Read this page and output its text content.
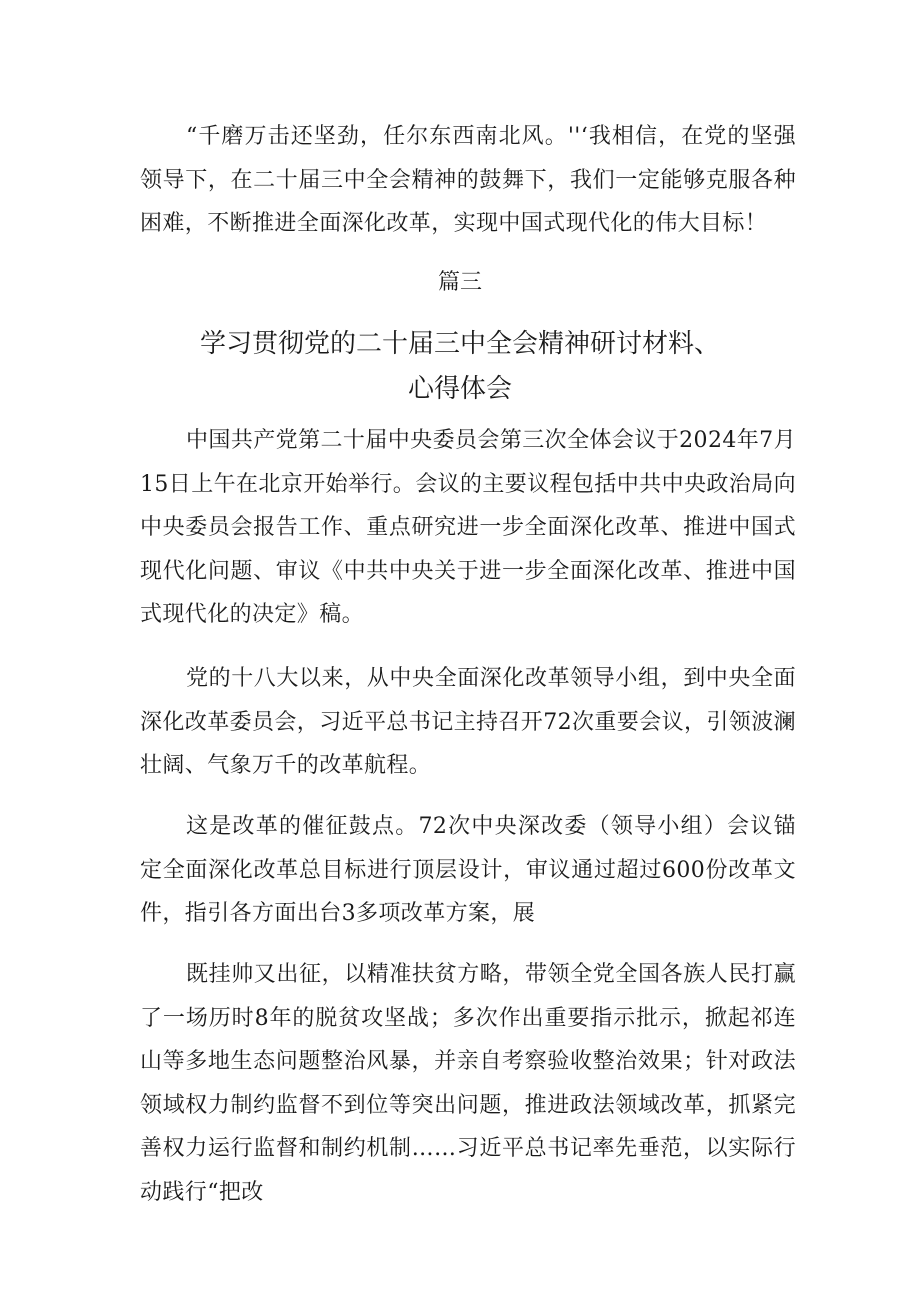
“千磨万击还坚劲，任尔东西南北风。''‘我相信，在党的坚强领导下，在二十届三中全会精神的鼓舞下，我们一定能够克服各种困难，不断推进全面深化改革，实现中国式现代化的伟大目标！

篇三

学习贯彻党的二十届三中全会精神研讨材料、
心得体会

中国共产党第二十届中央委员会第三次全体会议于2024年7月15日上午在北京开始举行。会议的主要议程包括中共中央政治局向中央委员会报告工作、重点研究进一步全面深化改革、推进中国式现代化问题、审议《中共中央关于进一步全面深化改革、推进中国式现代化的决定》稿。

党的十八大以来，从中央全面深化改革领导小组，到中央全面深化改革委员会，习近平总书记主持召开72次重要会议，引领波澜壮阔、气象万千的改革航程。

这是改革的催征鼓点。72次中央深改委（领导小组）会议锚定全面深化改革总目标进行顶层设计，审议通过超过600份改革文件，指引各方面出台3多项改革方案，展

既挂帅又出征，以精准扶贫方略，带领全党全国各族人民打赢了一场历时8年的脱贫攻坚战；多次作出重要指示批示，掀起祁连山等多地生态问题整治风暴，并亲自考察验收整治效果；针对政法领域权力制约监督不到位等突出问题，推进政法领域改革，抓紧完善权力运行监督和制约机制……习近平总书记率先垂范，以实际行动践行“把改
